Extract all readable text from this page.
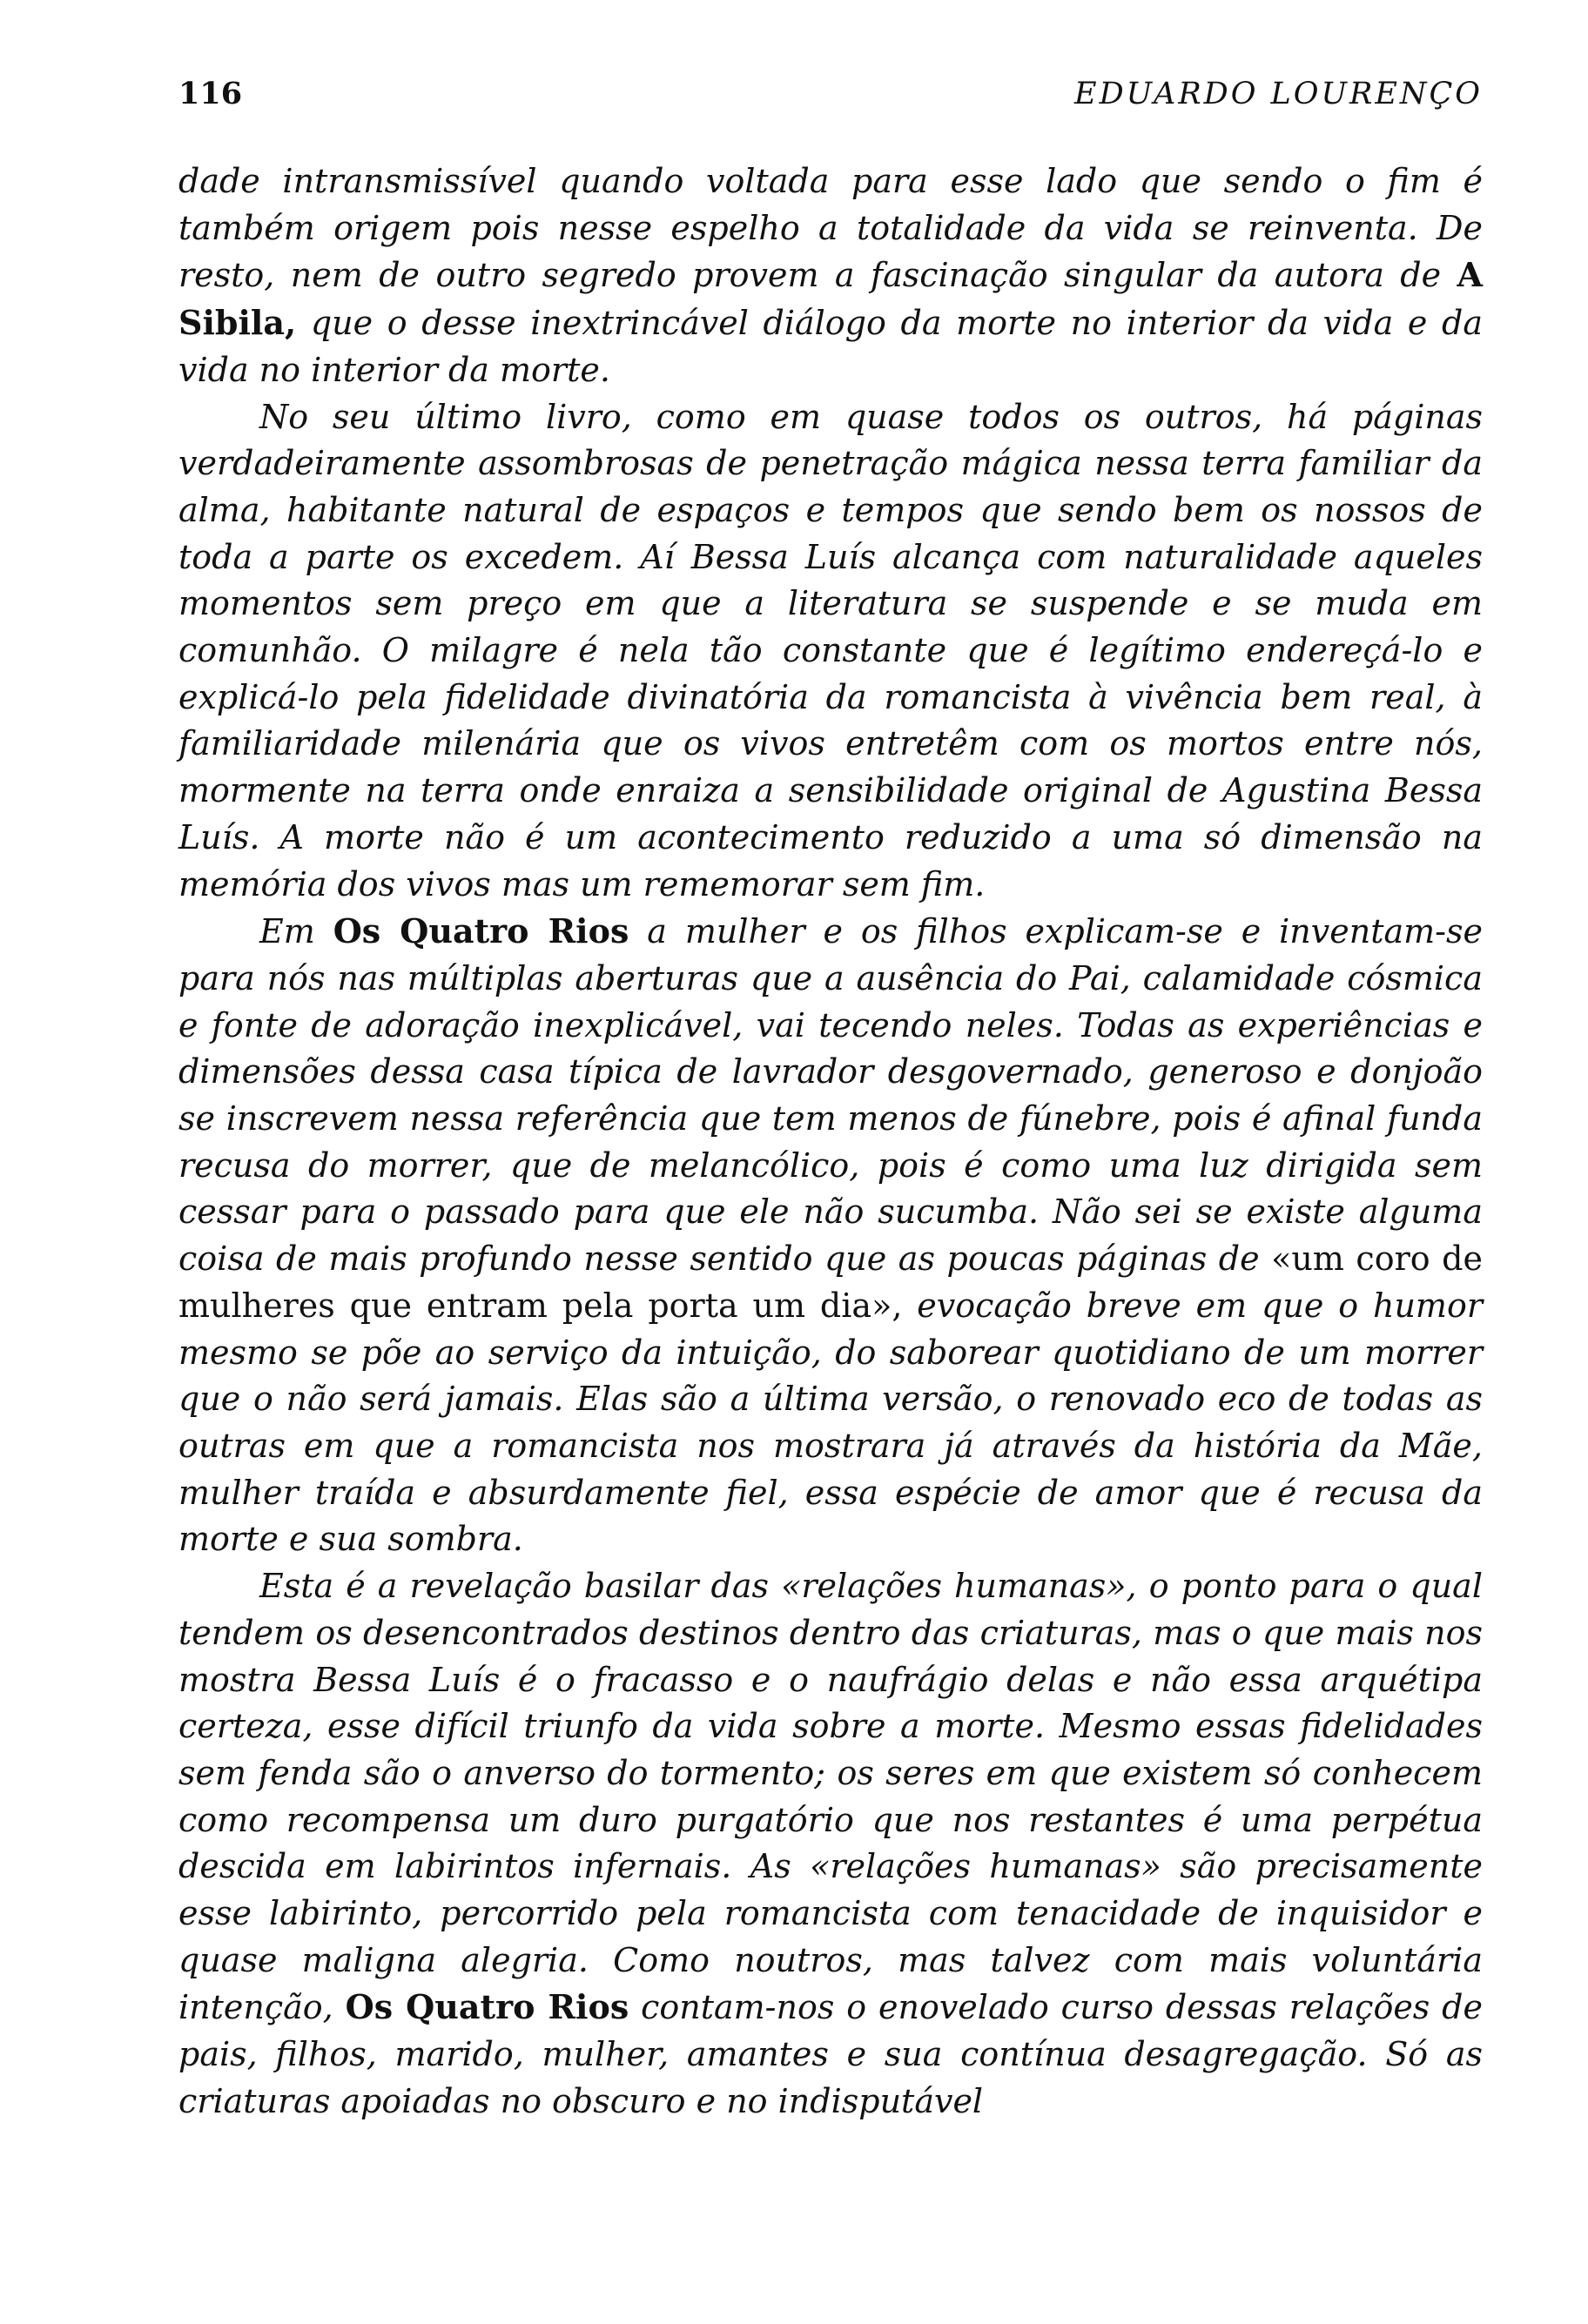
116	EDUARDO LOURENÇO

dade intransmissível quando voltada para esse lado que sendo o fim é também origem pois nesse espelho a totalidade da vida se reinventa. De resto, nem de outro segredo provem a fascinação singular da autora de A Sibila, que o desse inextrincável diálogo da morte no interior da vida e da vida no interior da morte.

No seu último livro, como em quase todos os outros, há páginas verdadeiramente assombrosas de penetração mágica nessa terra familiar da alma, habitante natural de espaços e tempos que sendo bem os nossos de toda a parte os excedem. Aí Bessa Luís alcança com naturalidade aqueles momentos sem preço em que a literatura se suspende e se muda em comunhão. O milagre é nela tão constante que é legítimo endereçá-lo e explicá-lo pela fidelidade divinatória da romancista à vivência bem real, à familiaridade milenária que os vivos entretêm com os mortos entre nós, mormente na terra onde enraiza a sensibilidade original de Agustina Bessa Luís. A morte não é um acontecimento reduzido a uma só dimensão na memória dos vivos mas um rememorar sem fim.

Em Os Quatro Rios a mulher e os filhos explicam-se e inventam-se para nós nas múltiplas aberturas que a ausência do Pai, calamidade cósmica e fonte de adoração inexplicável, vai tecendo neles. Todas as experiências e dimensões dessa casa típica de lavrador desgovernado, generoso e donjoão se inscrevem nessa referência que tem menos de fúnebre, pois é afinal funda recusa do morrer, que de melancólico, pois é como uma luz dirigida sem cessar para o passado para que ele não sucumba. Não sei se existe alguma coisa de mais profundo nesse sentido que as poucas páginas de «um coro de mulheres que entram pela porta um dia», evocação breve em que o humor mesmo se põe ao serviço da intuição, do saborear quotidiano de um morrer que o não será jamais. Elas são a última versão, o renovado eco de todas as outras em que a romancista nos mostrara já através da história da Mãe, mulher traída e absurdamente fiel, essa espécie de amor que é recusa da morte e sua sombra.

Esta é a revelação basilar das «relações humanas», o ponto para o qual tendem os desencontrados destinos dentro das criaturas, mas o que mais nos mostra Bessa Luís é o fracasso e o naufrágio delas e não essa arquétipa certeza, esse difícil triunfo da vida sobre a morte. Mesmo essas fidelidades sem fenda são o anverso do tormento; os seres em que existem só conhecem como recompensa um duro purgatório que nos restantes é uma perpétua descida em labirintos infernais. As «relações humanas» são precisamente esse labirinto, percorrido pela romancista com tenacidade de inquisidor e quase maligna alegria. Como noutros, mas talvez com mais voluntária intenção, Os Quatro Rios contam-nos o enovelado curso dessas relações de pais, filhos, marido, mulher, amantes e sua contínua desagregação. Só as criaturas apoiadas no obscuro e no indisputável
